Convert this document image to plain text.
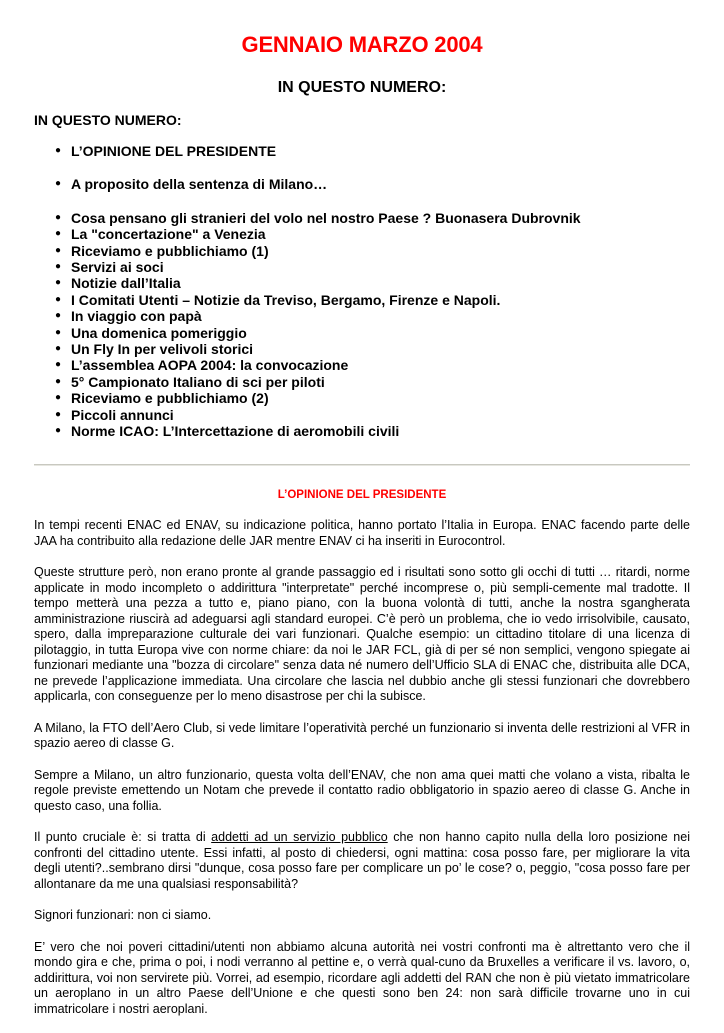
GENNAIO MARZO 2004
IN QUESTO NUMERO:
IN QUESTO NUMERO:
● L’OPINIONE DEL PRESIDENTE
● A proposito della sentenza di Milano…
● Cosa pensano gli stranieri del volo nel nostro Paese ? Buonasera Dubrovnik
● La "concertazione" a Venezia
● Riceviamo e pubblichiamo (1)
● Servizi ai soci
● Notizie dall’Italia
● I Comitati Utenti – Notizie da Treviso, Bergamo, Firenze e Napoli.
● In viaggio con papà
● Una domenica pomeriggio
● Un Fly In per velivoli storici
● L’assemblea AOPA 2004: la convocazione
● 5° Campionato Italiano di sci per piloti
● Riceviamo e pubblichiamo (2)
● Piccoli annunci
● Norme ICAO: L’Intercettazione di aeromobili civili
L’OPINIONE DEL PRESIDENTE

In tempi recenti ENAC ed ENAV, su indicazione politica, hanno portato l’Italia in Europa. ENAC facendo parte delle JAA ha contribuito alla redazione delle JAR mentre ENAV ci ha inseriti in Eurocontrol.

Queste strutture però, non erano pronte al grande passaggio ed i risultati sono sotto gli occhi di tutti … ritardi, norme applicate in modo incompleto o addirittura "interpretate" perché incomprese o, più sempli-cemente mal tradotte. Il tempo metterà una pezza a tutto e, piano piano, con la buona volontà di tutti, anche la nostra sgangherata amministrazione riuscirà ad adeguarsi agli standard europei. C’è però un problema, che io vedo irrisolvibile, causato, spero, dalla impreparazione culturale dei vari funzionari. Qualche esempio: un cittadino titolare di una licenza di pilotaggio, in tutta Europa vive con norme chiare: da noi le JAR FCL, già di per sé non semplici, vengono spiegate ai funzionari mediante una "bozza di circolare" senza data né numero dell’Ufficio SLA di ENAC che, distribuita alle DCA, ne prevede l’applicazione immediata. Una circolare che lascia nel dubbio anche gli stessi funzionari che dovrebbero applicarla, con conseguenze per lo meno disastrose per chi la subisce.

A Milano, la FTO dell’Aero Club, si vede limitare l’operatività perché un funzionario si inventa delle restrizioni al VFR in spazio aereo di classe G.

Sempre a Milano, un altro funzionario, questa volta dell’ENAV, che non ama quei matti che volano a vista, ribalta le regole previste emettendo un Notam che prevede il contatto radio obbligatorio in spazio aereo di classe G. Anche in questo caso, una follia.

Il punto cruciale è: si tratta di addetti ad un servizio pubblico che non hanno capito nulla della loro posizione nei confronti del cittadino utente. Essi infatti, al posto di chiedersi, ogni mattina: cosa posso fare, per migliorare la vita degli utenti?..sembrano dirsi "dunque, cosa posso fare per complicare un po’ le cose? o, peggio, "cosa posso fare per allontanare da me una qualsiasi responsabilità?

Signori funzionari: non ci siamo.

E’ vero che noi poveri cittadini/utenti non abbiamo alcuna autorità nei vostri confronti ma è altrettanto vero che il mondo gira e che, prima o poi, i nodi verranno al pettine e, o verrà qual-cuno da Bruxelles a verificare il vs. lavoro, o, addirittura, voi non servirete più. Vorrei, ad esempio, ricordare agli addetti del RAN che non è più vietato immatricolare un aeroplano in un altro Paese dell’Unione e che questi sono ben 24: non sarà difficile trovarne uno in cui immatricolare i nostri aeroplani.
